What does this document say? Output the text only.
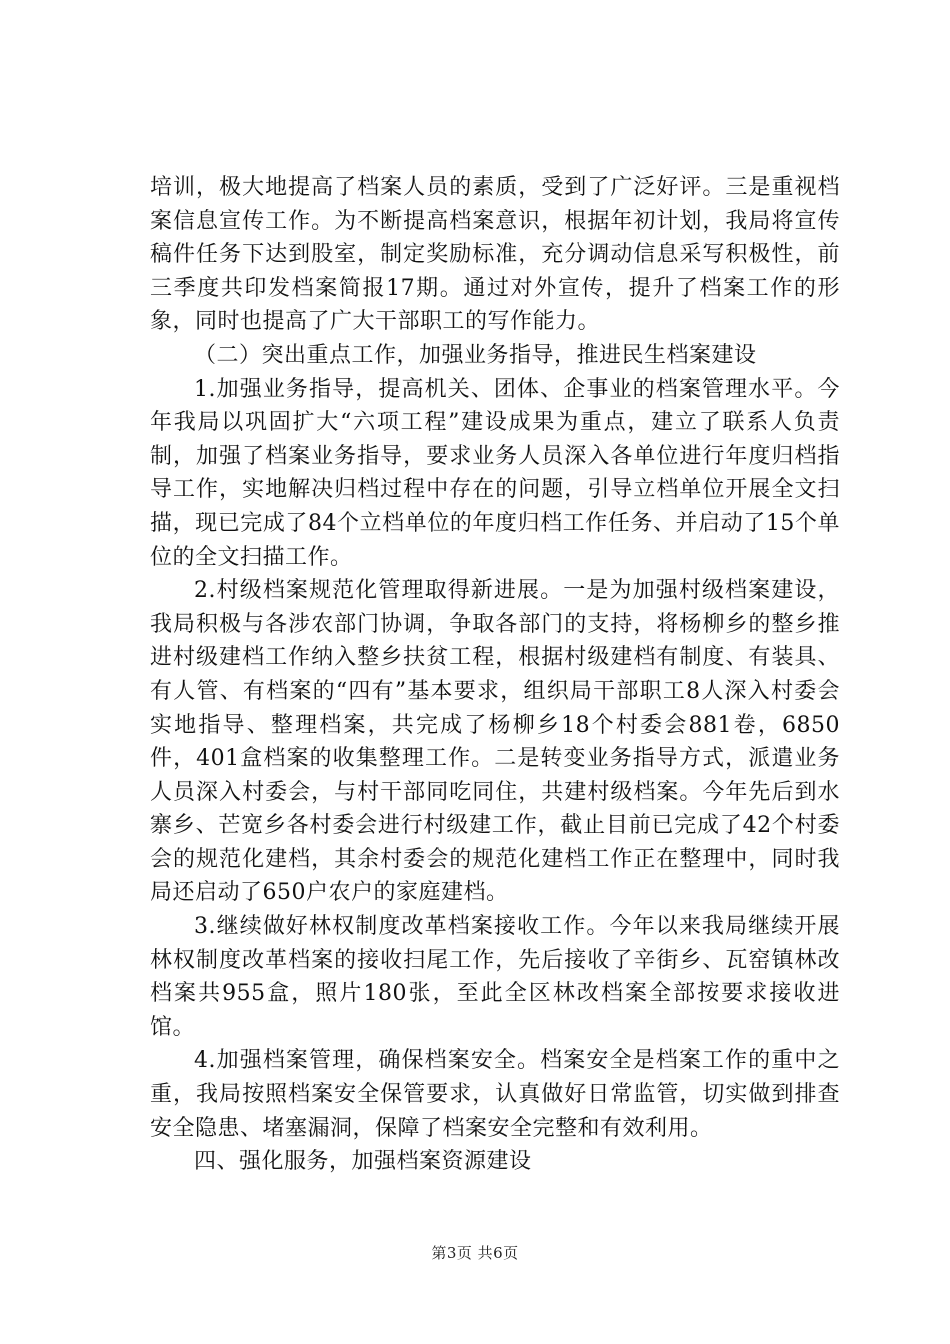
培训，极大地提高了档案人员的素质，受到了广泛好评。三是重视档案信息宣传工作。为不断提高档案意识，根据年初计划，我局将宣传稿件任务下达到股室，制定奖励标准，充分调动信息采写积极性，前三季度共印发档案简报17期。通过对外宣传，提升了档案工作的形象，同时也提高了广大干部职工的写作能力。

（二）突出重点工作，加强业务指导，推进民生档案建设

1.加强业务指导，提高机关、团体、企事业的档案管理水平。今年我局以巩固扩大“六项工程”建设成果为重点，建立了联系人负责制，加强了档案业务指导，要求业务人员深入各单位进行年度归档指导工作，实地解决归档过程中存在的问题，引导立档单位开展全文扫描，现已完成了84个立档单位的年度归档工作任务、并启动了15个单位的全文扫描工作。

2.村级档案规范化管理取得新进展。一是为加强村级档案建设，我局积极与各涉农部门协调，争取各部门的支持，将杨柳乡的整乡推进村级建档工作纳入整乡扶贫工程，根据村级建档有制度、有装具、有人管、有档案的“四有”基本要求，组织局干部职工8人深入村委会实地指导、整理档案，共完成了杨柳乡18个村委会881卷，6850件，401盒档案的收集整理工作。二是转变业务指导方式，派遣业务人员深入村委会，与村干部同吃同住，共建村级档案。今年先后到水寨乡、芒宽乡各村委会进行村级建工作，截止目前已完成了42个村委会的规范化建档，其余村委会的规范化建档工作正在整理中，同时我局还启动了650户农户的家庭建档。

3.继续做好林权制度改革档案接收工作。今年以来我局继续开展林权制度改革档案的接收扫尾工作，先后接收了辛街乡、瓦窑镇林改档案共955盒，照片180张，至此全区林改档案全部按要求接收进馆。

4.加强档案管理，确保档案安全。档案安全是档案工作的重中之重，我局按照档案安全保管要求，认真做好日常监管，切实做到排查安全隐患、堵塞漏洞，保障了档案安全完整和有效利用。

四、强化服务，加强档案资源建设

第3页 共6页
